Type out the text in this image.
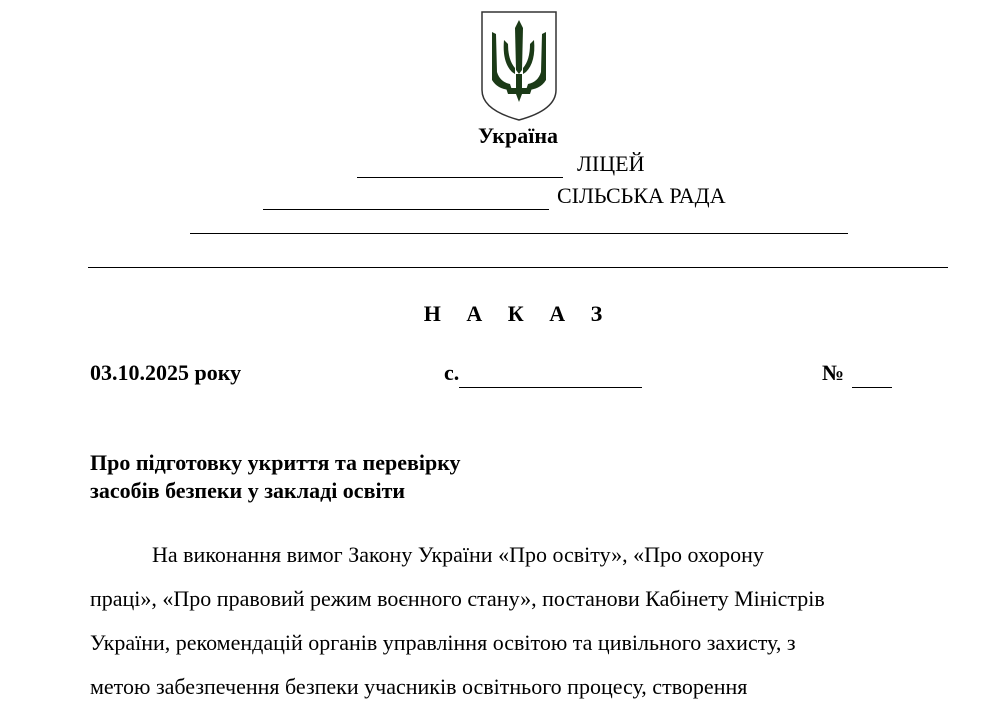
Україна
ЛІЦЕЙ
СІЛЬСЬКА РАДА
Н А К А З
03.10.2025 року	с.	№
Про підготовку укриття та перевірку
засобів безпеки у закладі освіти
На виконання вимог Закону України «Про освіту», «Про охорону
праці», «Про правовий режим воєнного стану», постанови Кабінету Міністрів
України, рекомендацій органів управління освітою та цивільного захисту, з
метою забезпечення безпеки учасників освітнього процесу, створення
